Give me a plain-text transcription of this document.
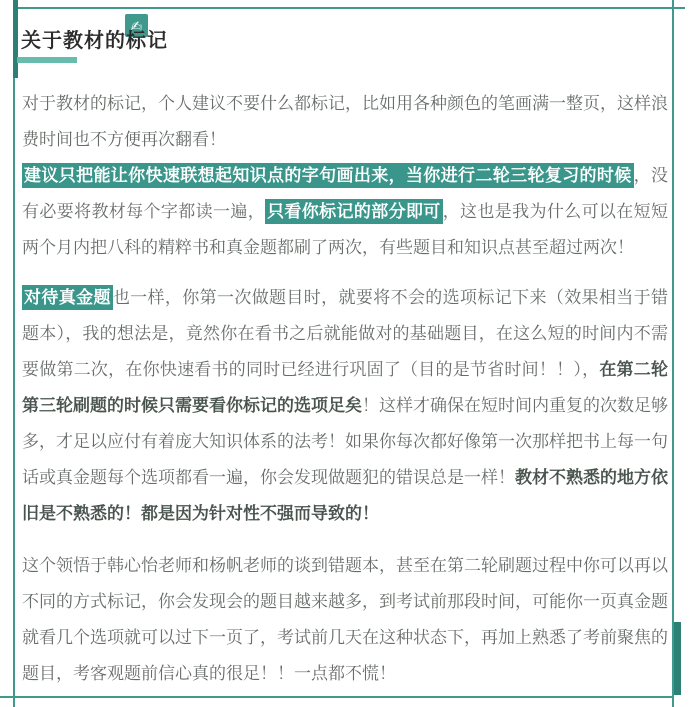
✍
关于教材的标记

对于教材的标记，个人建议不要什么都标记，比如用各种颜色的笔画满一整页，这样浪费时间也不方便再次翻看！

建议只把能让你快速联想起知识点的字句画出来，当你进行二轮三轮复习的时候 ，没有必要将教材每个字都读一遍， 只看你标记的部分即可 ，这也是我为什么可以在短短两个月内把八科的精粹书和真金题都刷了两次，有些题目和知识点甚至超过两次！

对待真金题 也一样，你第一次做题目时，就要将不会的选项标记下来（效果相当于错题本），我的想法是，竟然你在看书之后就能做对的基础题目，在这么短的时间内不需要做第二次，在你快速看书的同时已经进行巩固了（目的是节省时间！！），在第二轮第三轮刷题的时候只需要看你标记的选项足矣！这样才确保在短时间内重复的次数足够多，才足以应付有着庞大知识体系的法考！如果你每次都好像第一次那样把书上每一句话或真金题每个选项都看一遍，你会发现做题犯的错误总是一样！教材不熟悉的地方依旧是不熟悉的！都是因为针对性不强而导致的！

这个领悟于韩心怡老师和杨帆老师的谈到错题本，甚至在第二轮刷题过程中你可以再以不同的方式标记，你会发现会的题目越来越多，到考试前那段时间，可能你一页真金题就看几个选项就可以过下一页了，考试前几天在这种状态下，再加上熟悉了考前聚焦的题目，考客观题前信心真的很足！！一点都不慌！
